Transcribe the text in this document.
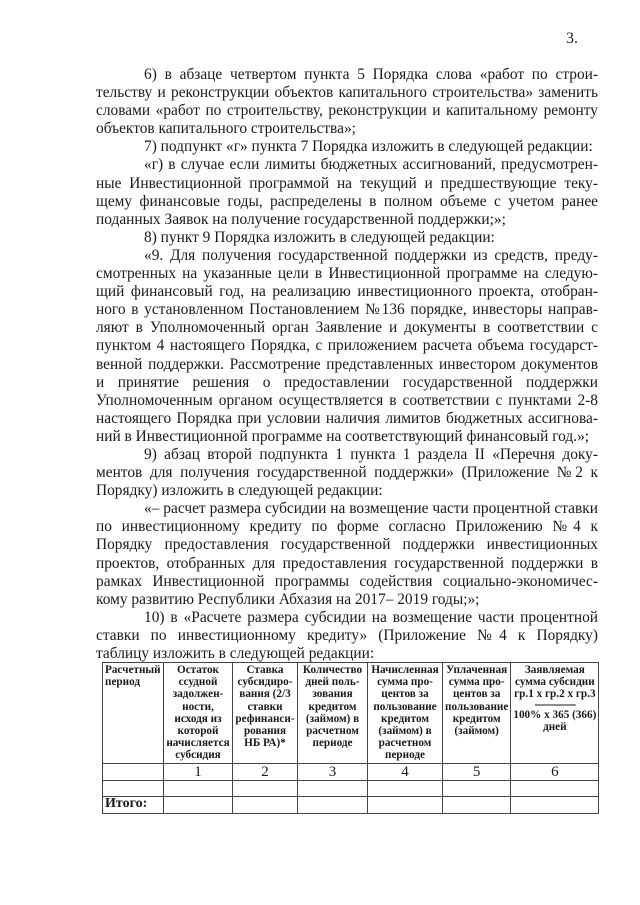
3.
6) в абзаце четвертом пункта 5 Порядка слова «работ по строи-
тельству и реконструкции объектов капитального строительства» заменить
словами «работ по строительству, реконструкции и капитальному ремонту
объектов капитального строительства»;
7) подпункт «г» пункта 7 Порядка изложить в следующей редакции:
«г) в случае если лимиты бюджетных ассигнований, предусмотрен-
ные Инвестиционной программой на текущий и предшествующие теку-
щему финансовые годы, распределены в полном объеме с учетом ранее
поданных Заявок на получение государственной поддержки;»;
8) пункт 9 Порядка изложить в следующей редакции:
«9. Для получения государственной поддержки из средств, преду-
смотренных на указанные цели в Инвестиционной программе на следую-
щий финансовый год, на реализацию инвестиционного проекта, отобран-
ного в установленном Постановлением №136 порядке, инвесторы направ-
ляют в Уполномоченный орган Заявление и документы в соответствии с
пунктом 4 настоящего Порядка, с приложением расчета объема государст-
венной поддержки. Рассмотрение представленных инвестором документов
и принятие решения о предоставлении государственной поддержки
Уполномоченным органом осуществляется в соответствии с пунктами 2-8
настоящего Порядка при условии наличия лимитов бюджетных ассигнова-
ний в Инвестиционной программе на соответствующий финансовый год.»;
9) абзац второй подпункта 1 пункта 1 раздела II «Перечня доку-
ментов для получения государственной поддержки» (Приложение №2 к
Порядку) изложить в следующей редакции:
«– расчет размера субсидии на возмещение части процентной ставки
по инвестиционному кредиту по форме согласно Приложению №4 к
Порядку предоставления государственной поддержки инвестиционных
проектов, отобранных для предоставления государственной поддержки в
рамках Инвестиционной программы содействия социально-экономичес-
кому развитию Республики Абхазия на 2017– 2019 годы;»;
10) в «Расчете размера субсидии на возмещение части процентной
ставки по инвестиционному кредиту» (Приложение №4 к Порядку)
таблицу изложить в следующей редакции:
Расчетный период	Остаток ссудной задолжен-ности, исходя из которой начисляется субсидия	Ставка субсидиро-вания (2/3 ставки рефинанси-рования НБ РА)*	Количество дней поль-зования кредитом (займом) в расчетном периоде	Начисленная сумма про-центов за пользование кредитом (займом) в расчетном периоде	Уплаченная сумма про-центов за пользование кредитом (займом)	Заявляемая сумма субсидии гр.1 х гр.2 х гр.3
---------------
100% х 365 (366) дней
	1	2	3	4	5	6

Итого:						
